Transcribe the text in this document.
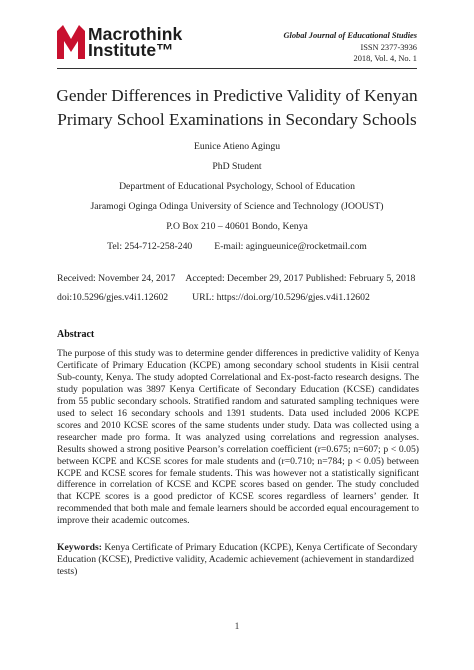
Macrothink
Institute™
Global Journal of Educational Studies
ISSN 2377-3936
2018, Vol. 4, No. 1
Gender Differences in Predictive Validity of Kenyan Primary School Examinations in Secondary Schools
Eunice Atieno Agingu
PhD Student
Department of Educational Psychology, School of Education
Jaramogi Oginga Odinga University of Science and Technology (JOOUST)
P.O Box 210 – 40601 Bondo, Kenya
Tel: 254-712-258-240 E-mail: agingueunice@rocketmail.com
Received: November 24, 2017 Accepted: December 29, 2017 Published: February 5, 2018
doi:10.5296/gjes.v4i1.12602 URL: https://doi.org/10.5296/gjes.v4i1.12602
Abstract
The purpose of this study was to determine gender differences in predictive validity of Kenya Certificate of Primary Education (KCPE) among secondary school students in Kisii central Sub-county, Kenya. The study adopted Correlational and Ex-post-facto research designs. The study population was 3897 Kenya Certificate of Secondary Education (KCSE) candidates from 55 public secondary schools. Stratified random and saturated sampling techniques were used to select 16 secondary schools and 1391 students. Data used included 2006 KCPE scores and 2010 KCSE scores of the same students under study. Data was collected using a researcher made pro forma. It was analyzed using correlations and regression analyses. Results showed a strong positive Pearson’s correlation coefficient (r=0.675; n=607; p < 0.05) between KCPE and KCSE scores for male students and (r=0.710; n=784; p < 0.05) between KCPE and KCSE scores for female students. This was however not a statistically significant difference in correlation of KCSE and KCPE scores based on gender. The study concluded that KCPE scores is a good predictor of KCSE scores regardless of learners’ gender. It recommended that both male and female learners should be accorded equal encouragement to improve their academic outcomes.
Keywords: Kenya Certificate of Primary Education (KCPE), Kenya Certificate of Secondary Education (KCSE), Predictive validity, Academic achievement (achievement in standardized tests)
1
